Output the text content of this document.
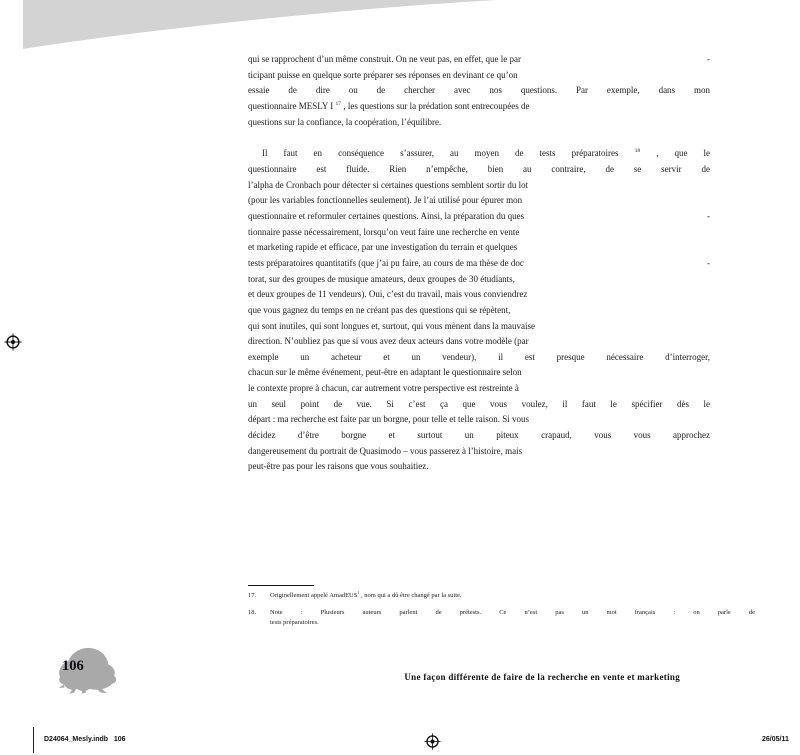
qui se rapprochent d’un même construit. On ne veut pas, en effet, que le par	-
ticipant puisse en quelque sorte préparer ses réponses en devinant ce qu’on
essaie de dire ou de chercher avec nos questions. Par exemple, dans mon
questionnaire MESLY I $^{17}$ , les questions sur la prédation sont entrecoupées de
questions sur la confiance, la coopération, l’équilibre.
Il faut en conséquence s’assurer, au moyen de tests préparatoires $^{18}$ , que le
questionnaire est fluide. Rien n’empêche, bien au contraire, de se servir de
l’alpha de Cronbach pour détecter si certaines questions semblent sortir du lot
(pour les variables fonctionnelles seulement). Je l’ai utilisé pour épurer mon
questionnaire et reformuler certaines questions. Ainsi, la préparation du ques	-
tionnaire passe nécessairement, lorsqu’on veut faire une recherche en vente
et marketing rapide et efficace, par une investigation du terrain et quelques
tests préparatoires quantitatifs (que j’ai pu faire, au cours de ma thèse de doc	-
torat, sur des groupes de musique amateurs, deux groupes de 30 étudiants,
et deux groupes de 11 vendeurs). Oui, c’est du travail, mais vous conviendrez
que vous gagnez du temps en ne créant pas des questions qui se répètent,
qui sont inutiles, qui sont longues et, surtout, qui vous mènent dans la mauvaise
direction. N’oubliez pas que si vous avez deux acteurs dans votre modèle (par
exemple un acheteur et un vendeur), il est presque nécessaire d’interroger,
chacun sur le même événement, peut-être en adaptant le questionnaire selon
le contexte propre à chacun, car autrement votre perspective est restreinte à
un seul point de vue. Si c’est ça que vous voulez, il faut le spécifier dès le
départ : ma recherche est faite par un borgne, pour telle et telle raison. Si vous
décidez d’être borgne et surtout un piteux crapaud, vous vous approchez
dangereusement du portrait de Quasimodo – vous passerez à l’histoire, mais
peut-être pas pour les raisons que vous souhaitiez.
17.	Originellement appelé AmadEUS$^1$ , nom qui a dû être changé par la suite.
18.	Note : Plusieurs auteurs parlent de prétests. Ce n’est pas un mot français : on parle de
tests préparatoires.
106
Une façon différente de faire de la recherche en vente et marketing
D24064_Mesly.indb   106	26/05/11
